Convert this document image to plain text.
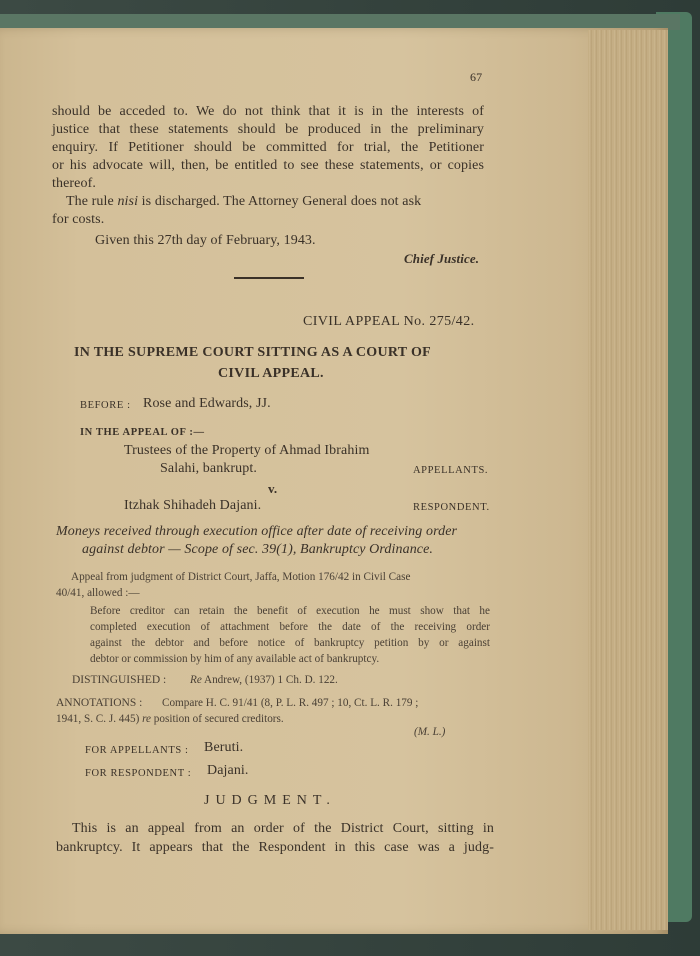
67

should be acceded to. We do not think that it is in the interests of

justice that these statements should be produced in the preliminary

enquiry. If Petitioner should be committed for trial, the Petitioner

or his advocate will, then, be entitled to see these statements, or copies

thereof.

The rule nisi is discharged. The Attorney General does not ask

for costs.

Given this 27th day of February, 1943.

Chief Justice.

CIVIL APPEAL No. 275/42.

IN THE SUPREME COURT SITTING AS A COURT OF

CIVIL APPEAL.

BEFORE : Rose and Edwards, JJ.

IN THE APPEAL OF :—

Trustees of the Property of Ahmad Ibrahim

Salahi, bankrupt.	APPELLANTS.

v.

Itzhak Shihadeh Dajani.	RESPONDENT.

Moneys received through execution office after date of receiving order

against debtor — Scope of sec. 39(1), Bankruptcy Ordinance.

Appeal from judgment of District Court, Jaffa, Motion 176/42 in Civil Case

40/41, allowed :—

Before creditor can retain the benefit of execution he must show that he

completed execution of attachment before the date of the receiving order

against the debtor and before notice of bankruptcy petition by or against

debtor or commission by him of any available act of bankruptcy.

DISTINGUISHED : Re Andrew, (1937) 1 Ch. D. 122.

ANNOTATIONS : Compare H. C. 91/41 (8, P. L. R. 497 ; 10, Ct. L. R. 179 ;

1941, S. C. J. 445) re position of secured creditors.

(M. L.)

FOR APPELLANTS : Beruti.

FOR RESPONDENT : Dajani.

JUDGMENT.

This is an appeal from an order of the District Court, sitting in

bankruptcy. It appears that the Respondent in this case was a judg-
